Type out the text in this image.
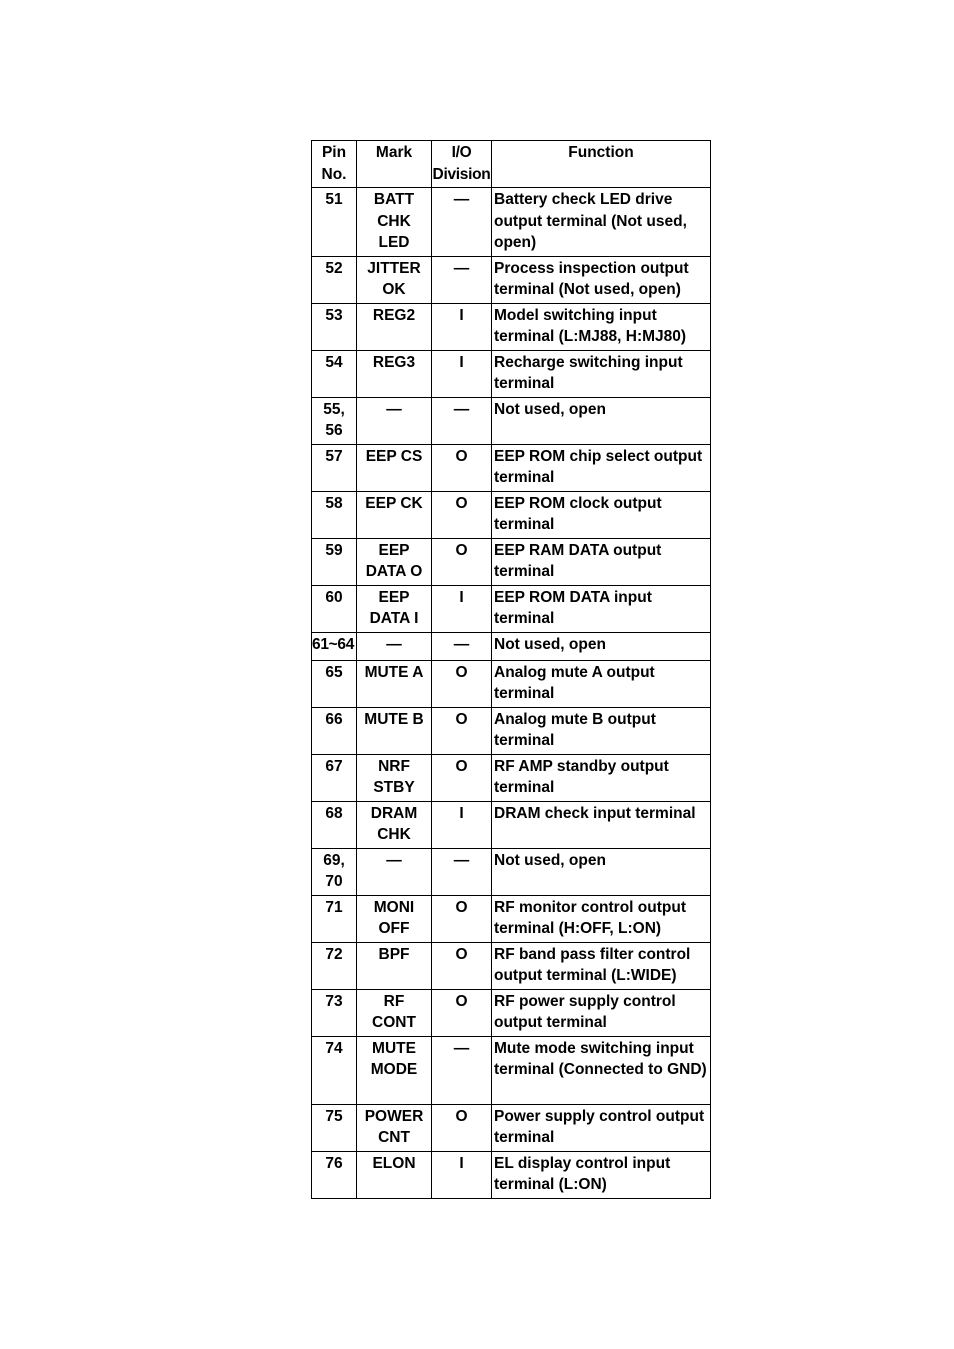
Pin
No.	Mark	I/O
Division	Function
51	BATT
CHK
LED	—	Battery check LED drive output terminal (Not used, open)
52	JITTER
OK	—	Process inspection output terminal (Not used, open)
53	REG2	I	Model switching input terminal (L:MJ88, H:MJ80)
54	REG3	I	Recharge switching input terminal
55,
56	—	—	Not used, open
57	EEP CS	O	EEP ROM chip select output terminal
58	EEP CK	O	EEP ROM clock output terminal
59	EEP
DATA O	O	EEP RAM DATA output terminal
60	EEP
DATA I	I	EEP ROM DATA input terminal
61~64	—	—	Not used, open
65	MUTE A	O	Analog mute A output terminal
66	MUTE B	O	Analog mute B output terminal
67	NRF
STBY	O	RF AMP standby output terminal
68	DRAM
CHK	I	DRAM check input terminal
69,
70	—	—	Not used, open
71	MONI
OFF	O	RF monitor control output terminal (H:OFF, L:ON)
72	BPF	O	RF band pass filter control output terminal (L:WIDE)
73	RF
CONT	O	RF power supply control output terminal
74	MUTE
MODE	—	Mute mode switching input terminal (Connected to GND)
75	POWER
CNT	O	Power supply control output terminal
76	ELON	I	EL display control input terminal (L:ON)
